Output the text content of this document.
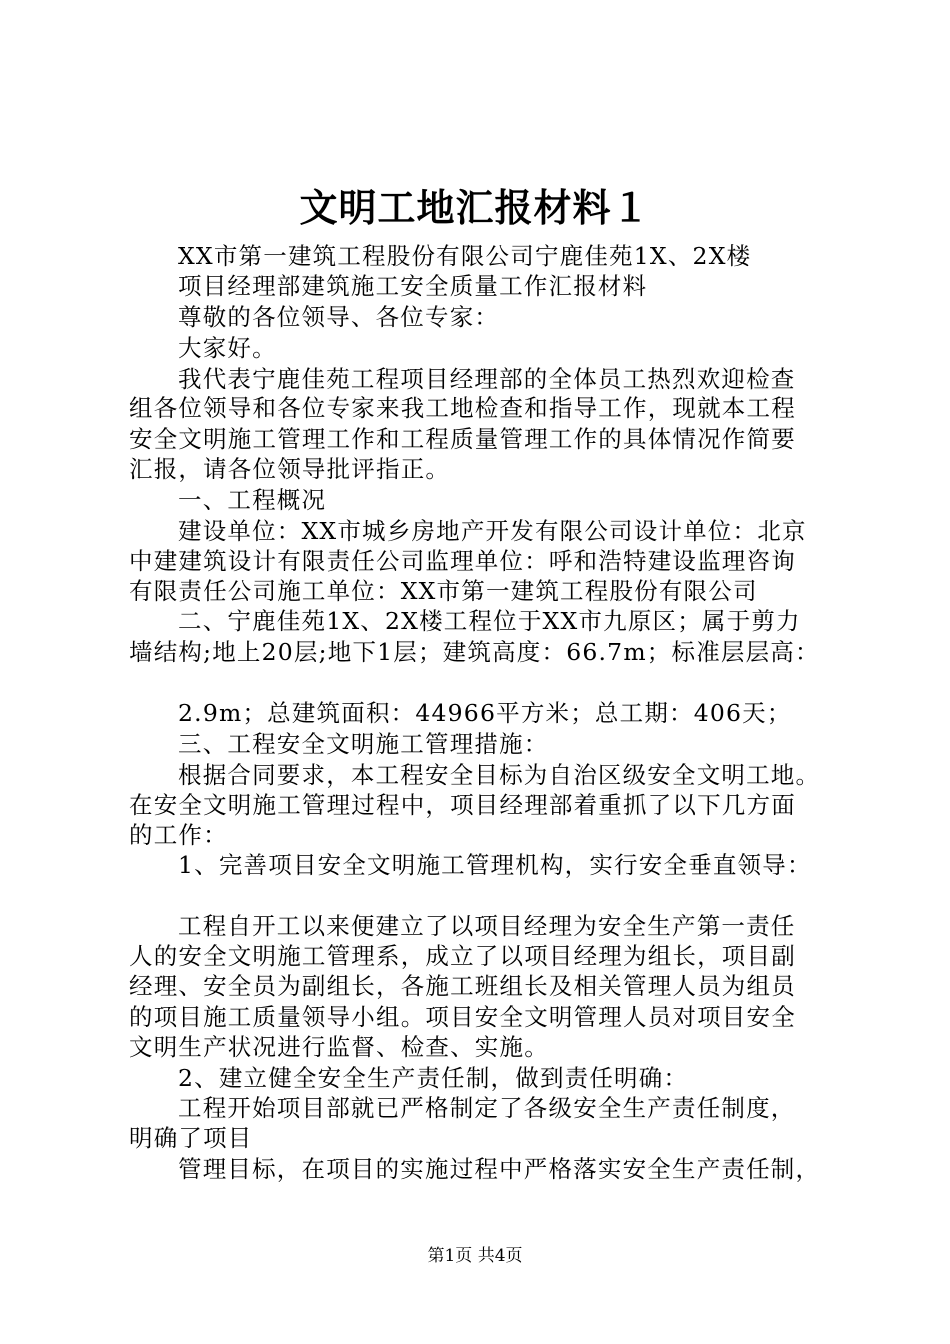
文明工地汇报材料１
XX市第一建筑工程股份有限公司宁鹿佳苑1X、2X楼
项目经理部建筑施工安全质量工作汇报材料
尊敬的各位领导、各位专家：
大家好。
我代表宁鹿佳苑工程项目经理部的全体员工热烈欢迎检查
组各位领导和各位专家来我工地检查和指导工作，现就本工程
安全文明施工管理工作和工程质量管理工作的具体情况作简要
汇报，请各位领导批评指正。
一、工程概况
建设单位：XX市城乡房地产开发有限公司设计单位：北京
中建建筑设计有限责任公司监理单位：呼和浩特建设监理咨询
有限责任公司施工单位：XX市第一建筑工程股份有限公司
二、宁鹿佳苑1X、2X楼工程位于XX市九原区；属于剪力
墙结构;地上20层;地下1层；建筑高度：66.7m；标准层层高：
2.9m；总建筑面积：44966平方米；总工期：406天；
三、工程安全文明施工管理措施：
根据合同要求，本工程安全目标为自治区级安全文明工地。
在安全文明施工管理过程中，项目经理部着重抓了以下几方面
的工作：
1、完善项目安全文明施工管理机构，实行安全垂直领导：
工程自开工以来便建立了以项目经理为安全生产第一责任
人的安全文明施工管理系，成立了以项目经理为组长，项目副
经理、安全员为副组长，各施工班组长及相关管理人员为组员
的项目施工质量领导小组。项目安全文明管理人员对项目安全
文明生产状况进行监督、检查、实施。
2、建立健全安全生产责任制，做到责任明确：
工程开始项目部就已严格制定了各级安全生产责任制度，
明确了项目
管理目标，在项目的实施过程中严格落实安全生产责任制，
第1页 共4页
